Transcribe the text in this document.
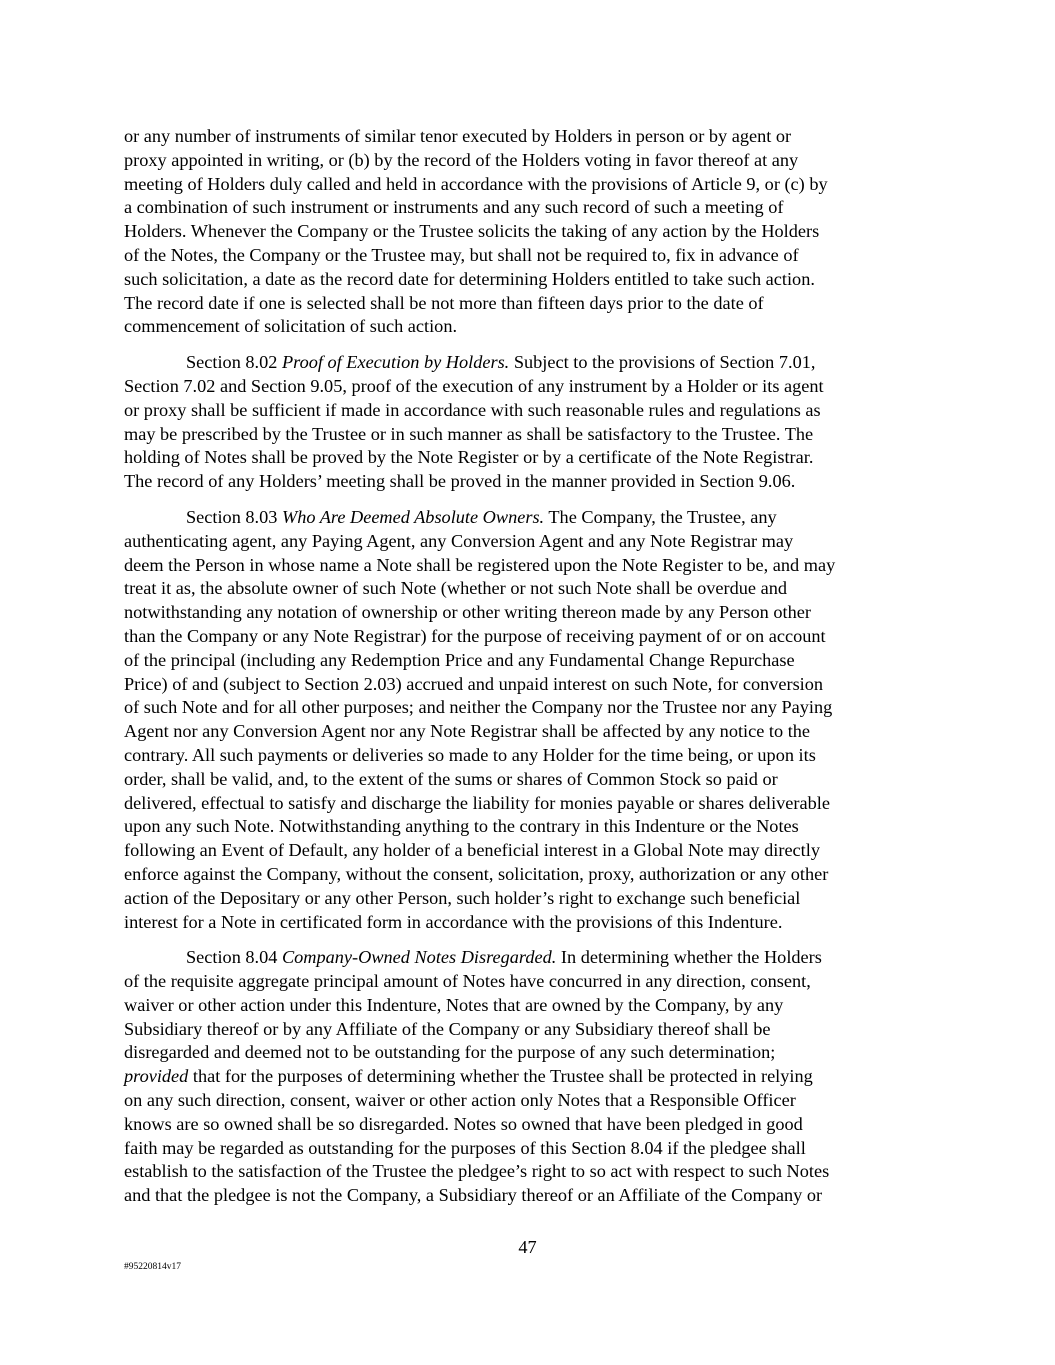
or any number of instruments of similar tenor executed by Holders in person or by agent or
proxy appointed in writing, or (b) by the record of the Holders voting in favor thereof at any
meeting of Holders duly called and held in accordance with the provisions of Article 9, or (c) by
a combination of such instrument or instruments and any such record of such a meeting of
Holders. Whenever the Company or the Trustee solicits the taking of any action by the Holders
of the Notes, the Company or the Trustee may, but shall not be required to, fix in advance of
such solicitation, a date as the record date for determining Holders entitled to take such action.
The record date if one is selected shall be not more than fifteen days prior to the date of
commencement of solicitation of such action.

Section 8.02 Proof of Execution by Holders. Subject to the provisions of Section 7.01,
Section 7.02 and Section 9.05, proof of the execution of any instrument by a Holder or its agent
or proxy shall be sufficient if made in accordance with such reasonable rules and regulations as
may be prescribed by the Trustee or in such manner as shall be satisfactory to the Trustee. The
holding of Notes shall be proved by the Note Register or by a certificate of the Note Registrar.
The record of any Holders’ meeting shall be proved in the manner provided in Section 9.06.

Section 8.03 Who Are Deemed Absolute Owners. The Company, the Trustee, any
authenticating agent, any Paying Agent, any Conversion Agent and any Note Registrar may
deem the Person in whose name a Note shall be registered upon the Note Register to be, and may
treat it as, the absolute owner of such Note (whether or not such Note shall be overdue and
notwithstanding any notation of ownership or other writing thereon made by any Person other
than the Company or any Note Registrar) for the purpose of receiving payment of or on account
of the principal (including any Redemption Price and any Fundamental Change Repurchase
Price) of and (subject to Section 2.03) accrued and unpaid interest on such Note, for conversion
of such Note and for all other purposes; and neither the Company nor the Trustee nor any Paying
Agent nor any Conversion Agent nor any Note Registrar shall be affected by any notice to the
contrary. All such payments or deliveries so made to any Holder for the time being, or upon its
order, shall be valid, and, to the extent of the sums or shares of Common Stock so paid or
delivered, effectual to satisfy and discharge the liability for monies payable or shares deliverable
upon any such Note. Notwithstanding anything to the contrary in this Indenture or the Notes
following an Event of Default, any holder of a beneficial interest in a Global Note may directly
enforce against the Company, without the consent, solicitation, proxy, authorization or any other
action of the Depositary or any other Person, such holder’s right to exchange such beneficial
interest for a Note in certificated form in accordance with the provisions of this Indenture.

Section 8.04 Company-Owned Notes Disregarded. In determining whether the Holders
of the requisite aggregate principal amount of Notes have concurred in any direction, consent,
waiver or other action under this Indenture, Notes that are owned by the Company, by any
Subsidiary thereof or by any Affiliate of the Company or any Subsidiary thereof shall be
disregarded and deemed not to be outstanding for the purpose of any such determination;
provided that for the purposes of determining whether the Trustee shall be protected in relying
on any such direction, consent, waiver or other action only Notes that a Responsible Officer
knows are so owned shall be so disregarded. Notes so owned that have been pledged in good
faith may be regarded as outstanding for the purposes of this Section 8.04 if the pledgee shall
establish to the satisfaction of the Trustee the pledgee’s right to so act with respect to such Notes
and that the pledgee is not the Company, a Subsidiary thereof or an Affiliate of the Company or

47
#95220814v17
